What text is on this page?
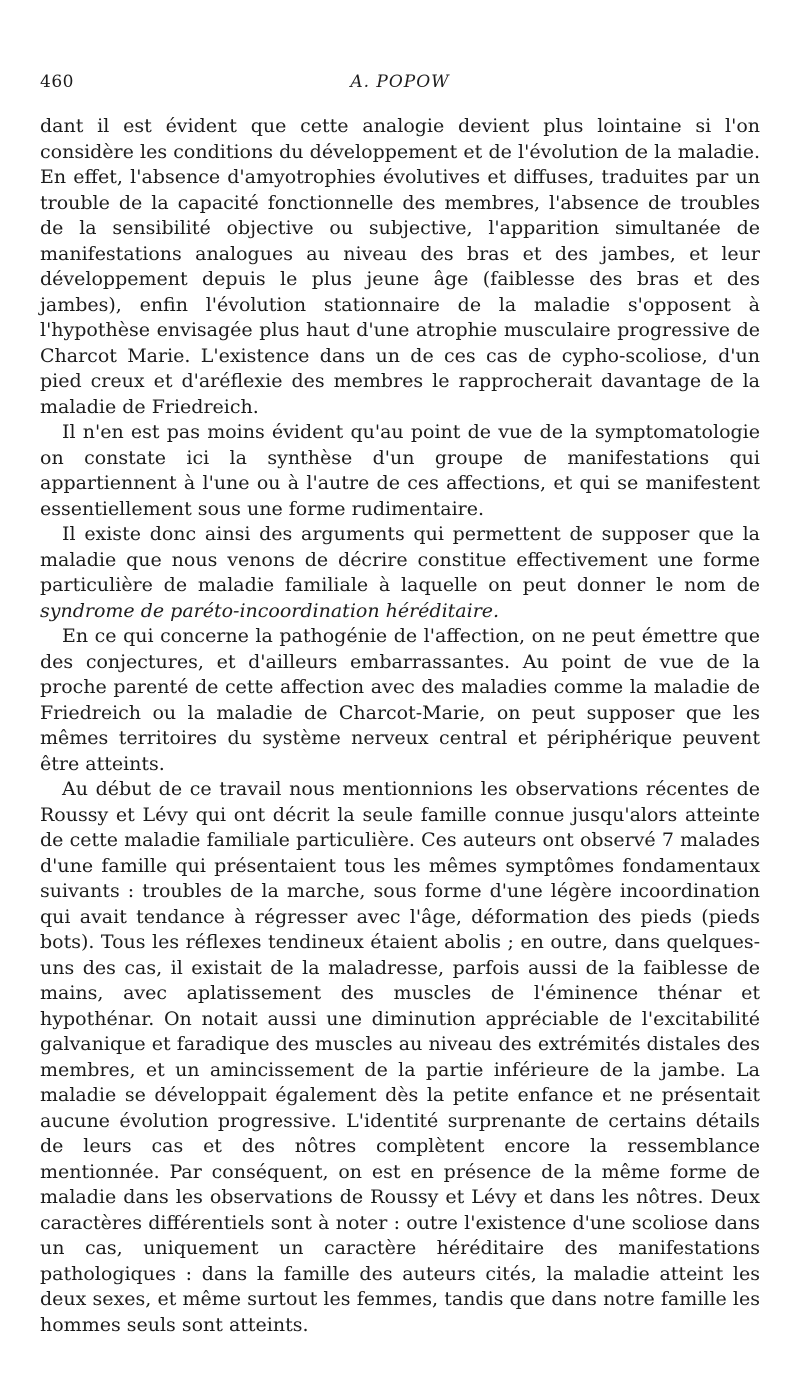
460	A. POPOW

dant il est évident que cette analogie devient plus lointaine si l'on considère les conditions du développement et de l'évolution de la maladie. En effet, l'absence d'amyotrophies évolutives et diffuses, traduites par un trouble de la capacité fonctionnelle des membres, l'absence de troubles de la sensibilité objective ou subjective, l'apparition simultanée de manifestations analogues au niveau des bras et des jambes, et leur développement depuis le plus jeune âge (faiblesse des bras et des jambes), enfin l'évolution stationnaire de la maladie s'opposent à l'hypothèse envisagée plus haut d'une atrophie musculaire progressive de Charcot Marie. L'existence dans un de ces cas de cypho-scoliose, d'un pied creux et d'aréflexie des membres le rapprocherait davantage de la maladie de Friedreich.

Il n'en est pas moins évident qu'au point de vue de la symptomatologie on constate ici la synthèse d'un groupe de manifestations qui appartiennent à l'une ou à l'autre de ces affections, et qui se manifestent essentiellement sous une forme rudimentaire.

Il existe donc ainsi des arguments qui permettent de supposer que la maladie que nous venons de décrire constitue effectivement une forme particulière de maladie familiale à laquelle on peut donner le nom de syndrome de paréto-incoordination héréditaire.

En ce qui concerne la pathogénie de l'affection, on ne peut émettre que des conjectures, et d'ailleurs embarrassantes. Au point de vue de la proche parenté de cette affection avec des maladies comme la maladie de Friedreich ou la maladie de Charcot-Marie, on peut supposer que les mêmes territoires du système nerveux central et périphérique peuvent être atteints.

Au début de ce travail nous mentionnions les observations récentes de Roussy et Lévy qui ont décrit la seule famille connue jusqu'alors atteinte de cette maladie familiale particulière. Ces auteurs ont observé 7 malades d'une famille qui présentaient tous les mêmes symptômes fondamentaux suivants : troubles de la marche, sous forme d'une légère incoordination qui avait tendance à régresser avec l'âge, déformation des pieds (pieds bots). Tous les réflexes tendineux étaient abolis ; en outre, dans quelques-uns des cas, il existait de la maladresse, parfois aussi de la faiblesse de mains, avec aplatissement des muscles de l'éminence thénar et hypothénar. On notait aussi une diminution appréciable de l'excitabilité galvanique et faradique des muscles au niveau des extrémités distales des membres, et un amincissement de la partie inférieure de la jambe. La maladie se développait également dès la petite enfance et ne présentait aucune évolution progressive. L'identité surprenante de certains détails de leurs cas et des nôtres complètent encore la ressemblance mentionnée. Par conséquent, on est en présence de la même forme de maladie dans les observations de Roussy et Lévy et dans les nôtres. Deux caractères différentiels sont à noter : outre l'existence d'une scoliose dans un cas, uniquement un caractère héréditaire des manifestations pathologiques : dans la famille des auteurs cités, la maladie atteint les deux sexes, et même surtout les femmes, tandis que dans notre famille les hommes seuls sont atteints.
